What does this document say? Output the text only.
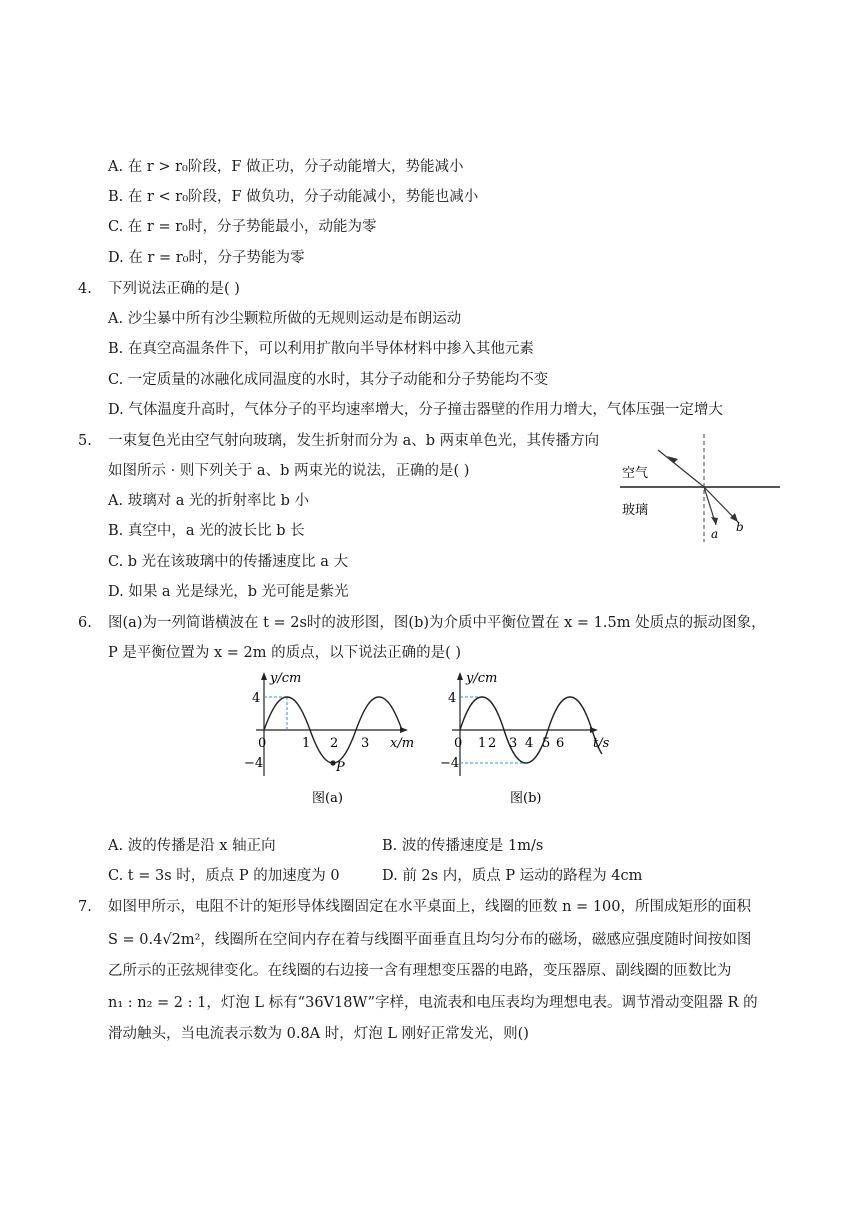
A. 在 r > r₀阶段，F 做正功，分子动能增大，势能减小
B. 在 r < r₀阶段，F 做负功，分子动能减小，势能也减小
C. 在 r = r₀时，分子势能最小，动能为零
D. 在 r = r₀时，分子势能为零
4. 下列说法正确的是( )
A. 沙尘暴中所有沙尘颗粒所做的无规则运动是布朗运动
B. 在真空高温条件下，可以利用扩散向半导体材料中掺入其他元素
C. 一定质量的冰融化成同温度的水时，其分子动能和分子势能均不变
D. 气体温度升高时，气体分子的平均速率增大，分子撞击器壁的作用力增大，气体压强一定增大
5. 一束复色光由空气射向玻璃，发生折射而分为 a、b 两束单色光，其传播方向
如图所示 · 则下列关于 a、b 两束光的说法，正确的是( )
A. 玻璃对 a 光的折射率比 b 小
B. 真空中，a 光的波长比 b 长
C. b 光在该玻璃中的传播速度比 a 大
D. 如果 a 光是绿光，b 光可能是紫光
空气
玻璃
a b
6. 图(a)为一列简谐横波在 t = 2s时的波形图，图(b)为介质中平衡位置在 x = 1.5m 处质点的振动图象，
P 是平衡位置为 x = 2m 的质点，以下说法正确的是( )
y/cm
x/m
4
−4
0	1 2 3
P
图(a)
y/cm
t/s
4
−4
0 1 2 3 4 5 6
图(b)
A. 波的传播是沿 x 轴正向	B. 波的传播速度是 1m/s
C. t = 3s 时，质点 P 的加速度为 0	D. 前 2s 内，质点 P 运动的路程为 4cm
7. 如图甲所示，电阻不计的矩形导体线圈固定在水平桌面上，线圈的匝数 n = 100，所围成矩形的面积
S = 0.4√2m²，线圈所在空间内存在着与线圈平面垂直且均匀分布的磁场，磁感应强度随时间按如图
乙所示的正弦规律变化。在线圈的右边接一含有理想变压器的电路，变压器原、副线圈的匝数比为
n₁ : n₂ = 2 : 1，灯泡 L 标有“36V18W”字样，电流表和电压表均为理想电表。调节滑动变阻器 R 的
滑动触头，当电流表示数为 0.8A 时，灯泡 L 刚好正常发光，则()
